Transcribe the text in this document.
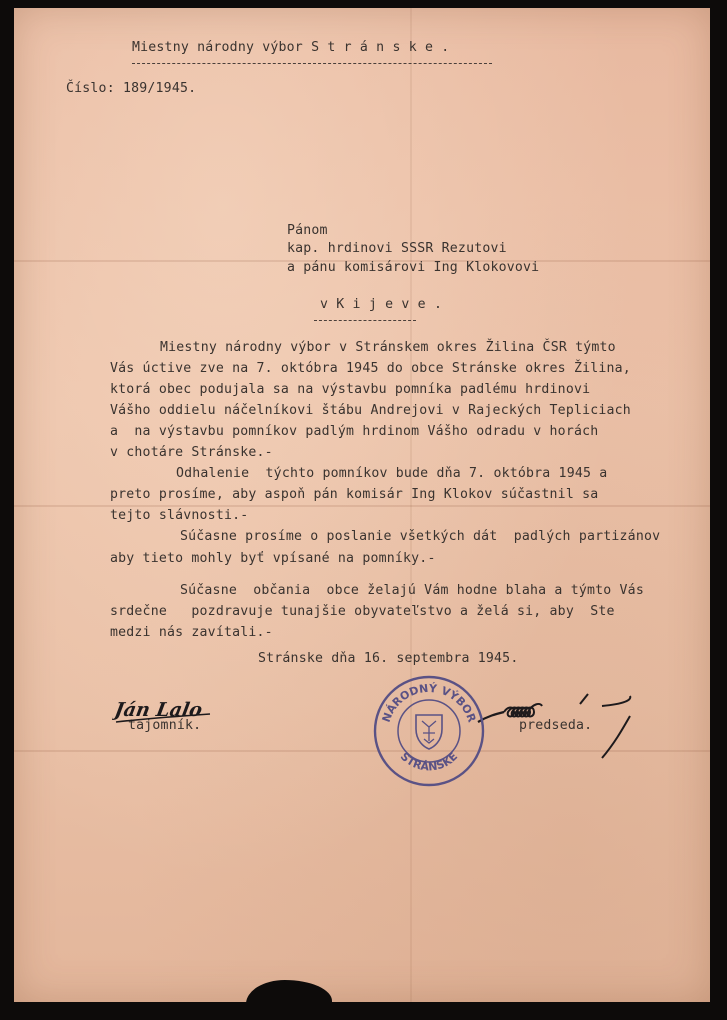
Miestny národny výbor S t r á n s k e .

Číslo: 189/1945.

Pánom

kap. hrdinovi SSSR Rezutovi

a pánu komisárovi Ing Klokovovi

v K i j e v e .

Miestny národny výbor v Stránskem okres Žilina ČSR týmto

Vás úctive zve na 7. októbra 1945 do obce Stránske okres Žilina,

ktorá obec podujala sa na výstavbu pomníka padlému hrdinovi

Vášho oddielu náčelníkovi štábu Andrejovi v Rajeckých Tepliciach

a  na výstavbu pomníkov padlým hrdinom Vášho odradu v horách

v chotáre Stránske.-

Odhalenie  týchto pomníkov bude dňa 7. októbra 1945 a

preto prosíme, aby aspoň pán komisár Ing Klokov súčastnil sa

tejto slávnosti.-

Súčasne prosíme o poslanie všetkých dát  padlých partizánov

aby tieto mohly byť vpísané na pomníky.-

Súčasne  občania  obce želajú Vám hodne blaha a týmto Vás

srdečne   pozdravuje tunajšie obyvateľstvo a želá si, aby  Ste

medzi nás zavítali.-

Stránske dňa 16. septembra 1945.

tajomník.	predseda.

Ján Lalo	NÁRODNÝ VÝBOR
STRÁNSKE
